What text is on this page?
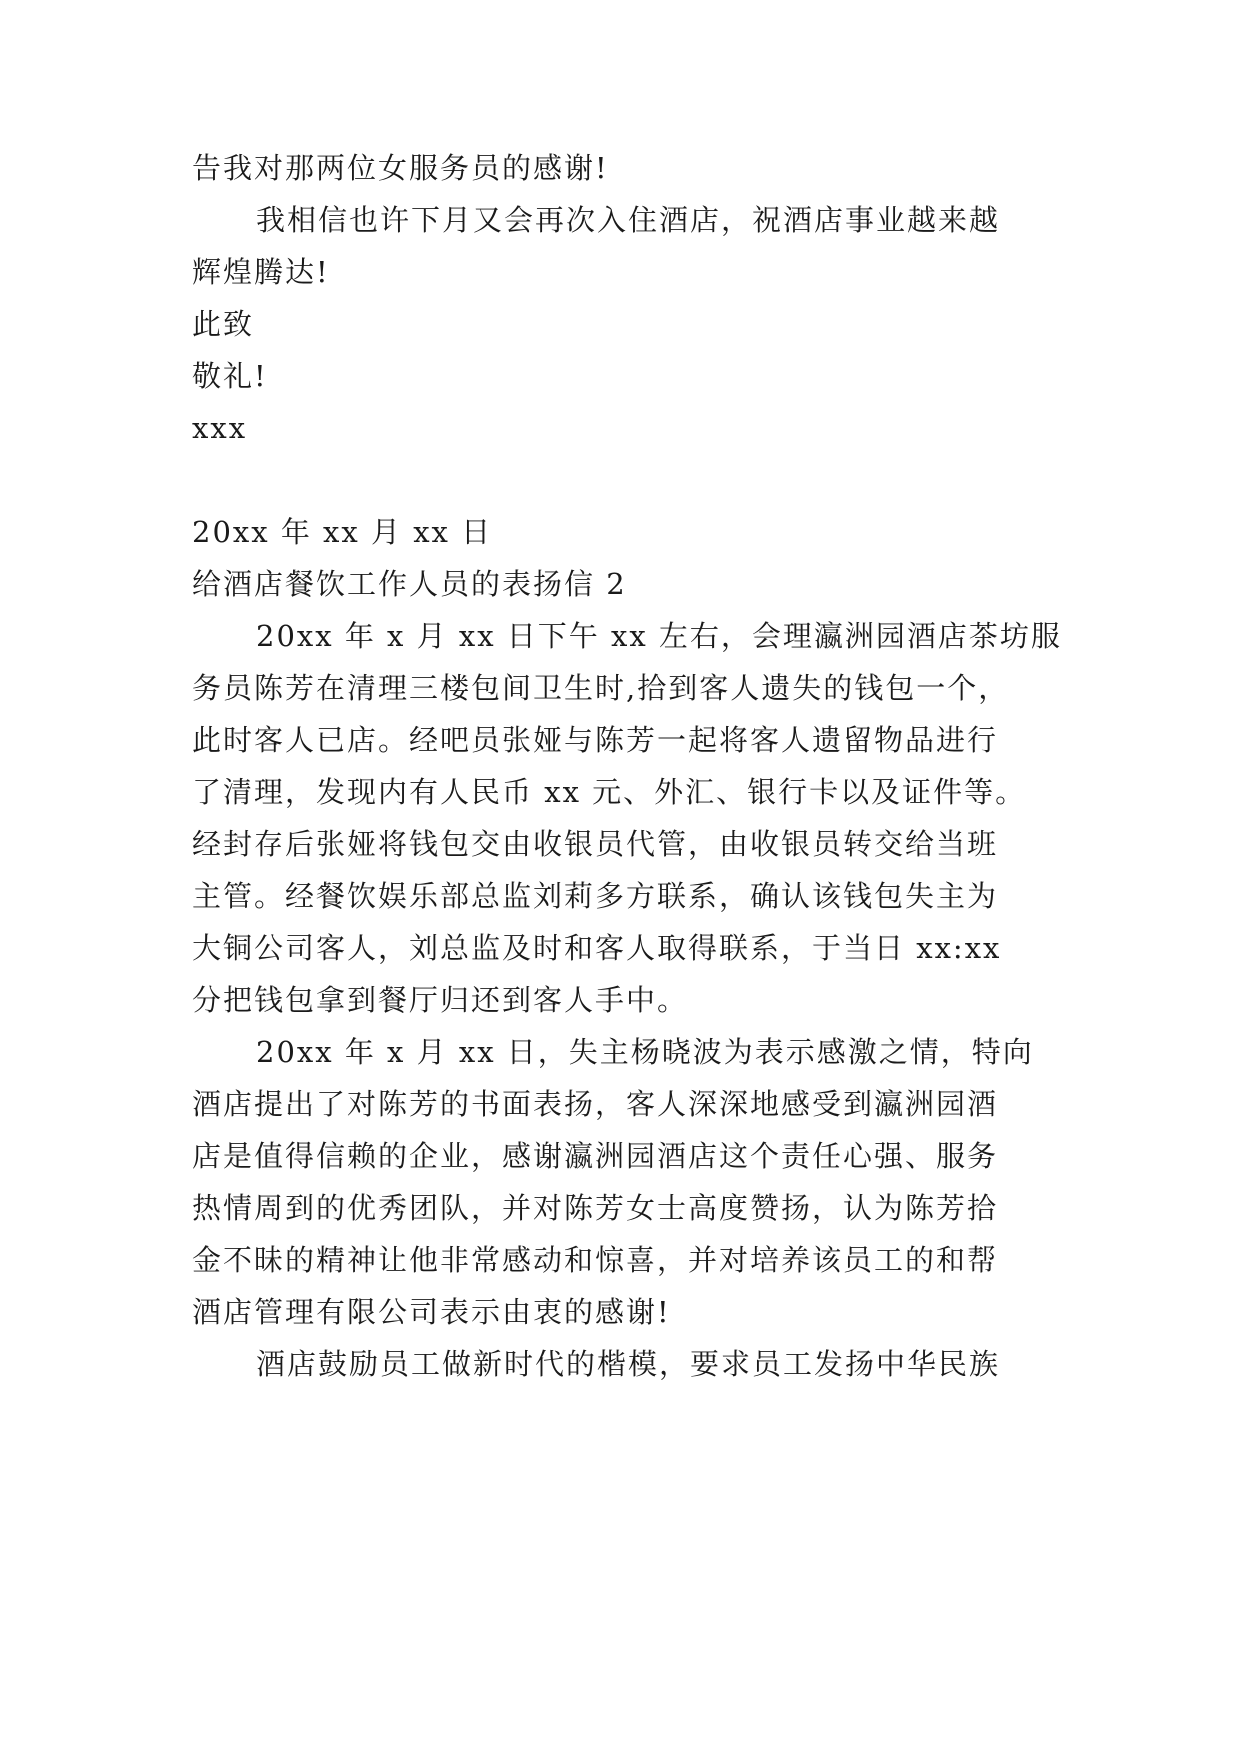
告我对那两位女服务员的感谢!
我相信也许下月又会再次入住酒店，祝酒店事业越来越
辉煌腾达!
此致
敬礼!
xxx
20xx 年 xx 月 xx 日
给酒店餐饮工作人员的表扬信 2
20xx 年 x 月 xx 日下午 xx 左右，会理瀛洲园酒店茶坊服
务员陈芳在清理三楼包间卫生时,拾到客人遗失的钱包一个，
此时客人已店。经吧员张娅与陈芳一起将客人遗留物品进行
了清理，发现内有人民币 xx 元、外汇、银行卡以及证件等。
经封存后张娅将钱包交由收银员代管，由收银员转交给当班
主管。经餐饮娱乐部总监刘莉多方联系，确认该钱包失主为
大铜公司客人，刘总监及时和客人取得联系，于当日 xx:xx
分把钱包拿到餐厅归还到客人手中。
20xx 年 x 月 xx 日，失主杨晓波为表示感激之情，特向
酒店提出了对陈芳的书面表扬，客人深深地感受到瀛洲园酒
店是值得信赖的企业，感谢瀛洲园酒店这个责任心强、服务
热情周到的优秀团队，并对陈芳女士高度赞扬，认为陈芳拾
金不昧的精神让他非常感动和惊喜，并对培养该员工的和帮
酒店管理有限公司表示由衷的感谢!
酒店鼓励员工做新时代的楷模，要求员工发扬中华民族
